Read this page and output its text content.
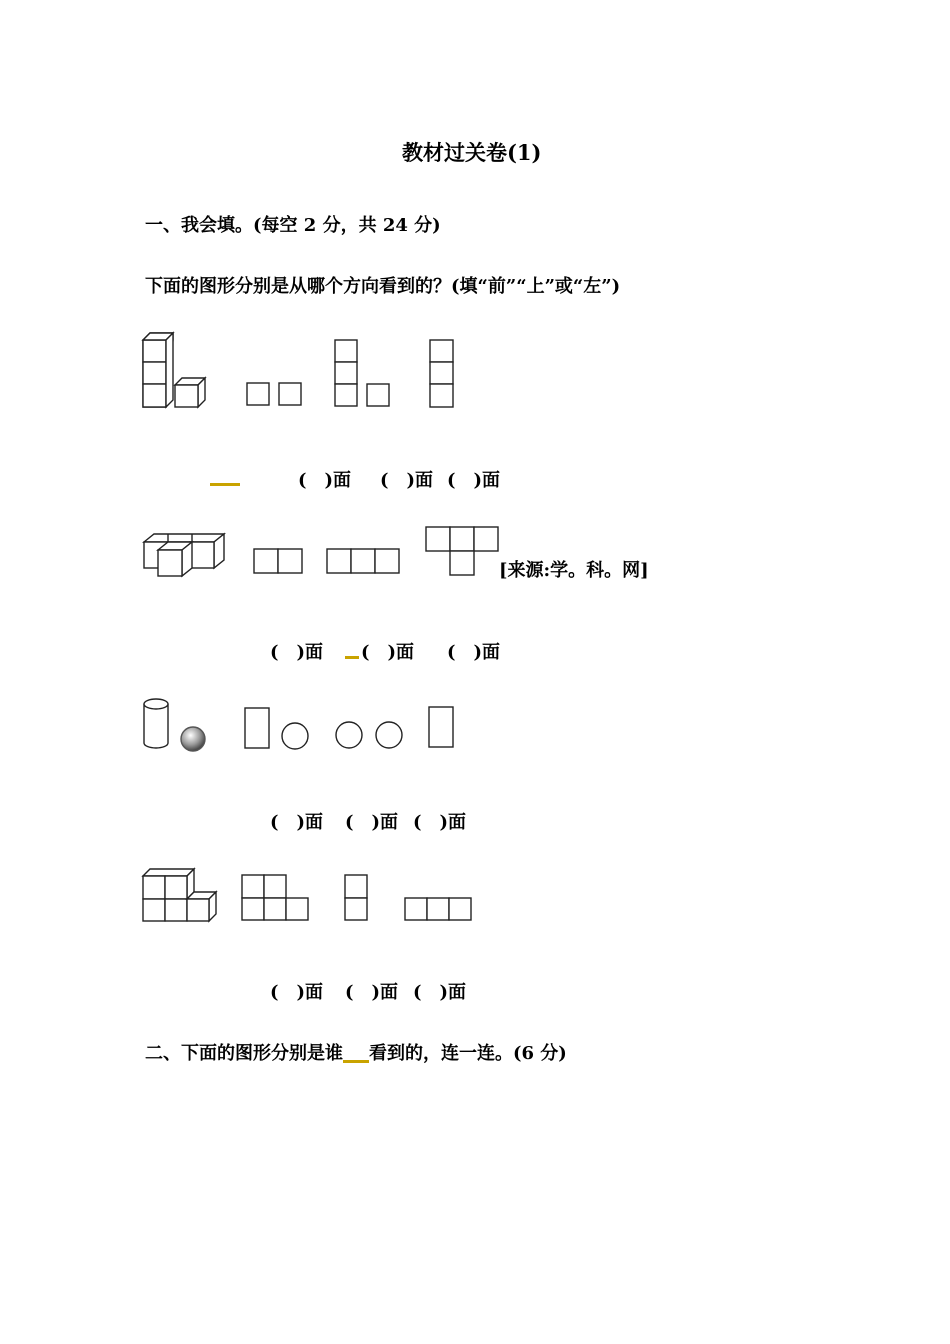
教材过关卷(1)
一、我会填。(每空 2 分，共 24 分)
下面的图形分别是从哪个方向看到的？(填“前”“上”或“左”)
(　)面 (　)面 (　)面
[来源:学。科。网]
(　)面 (　)面 (　)面
(　)面 (　)面 (　)面
(　)面 (　)面 (　)面
二、下面的图形分别是谁 看到的，连一连。(6 分)
